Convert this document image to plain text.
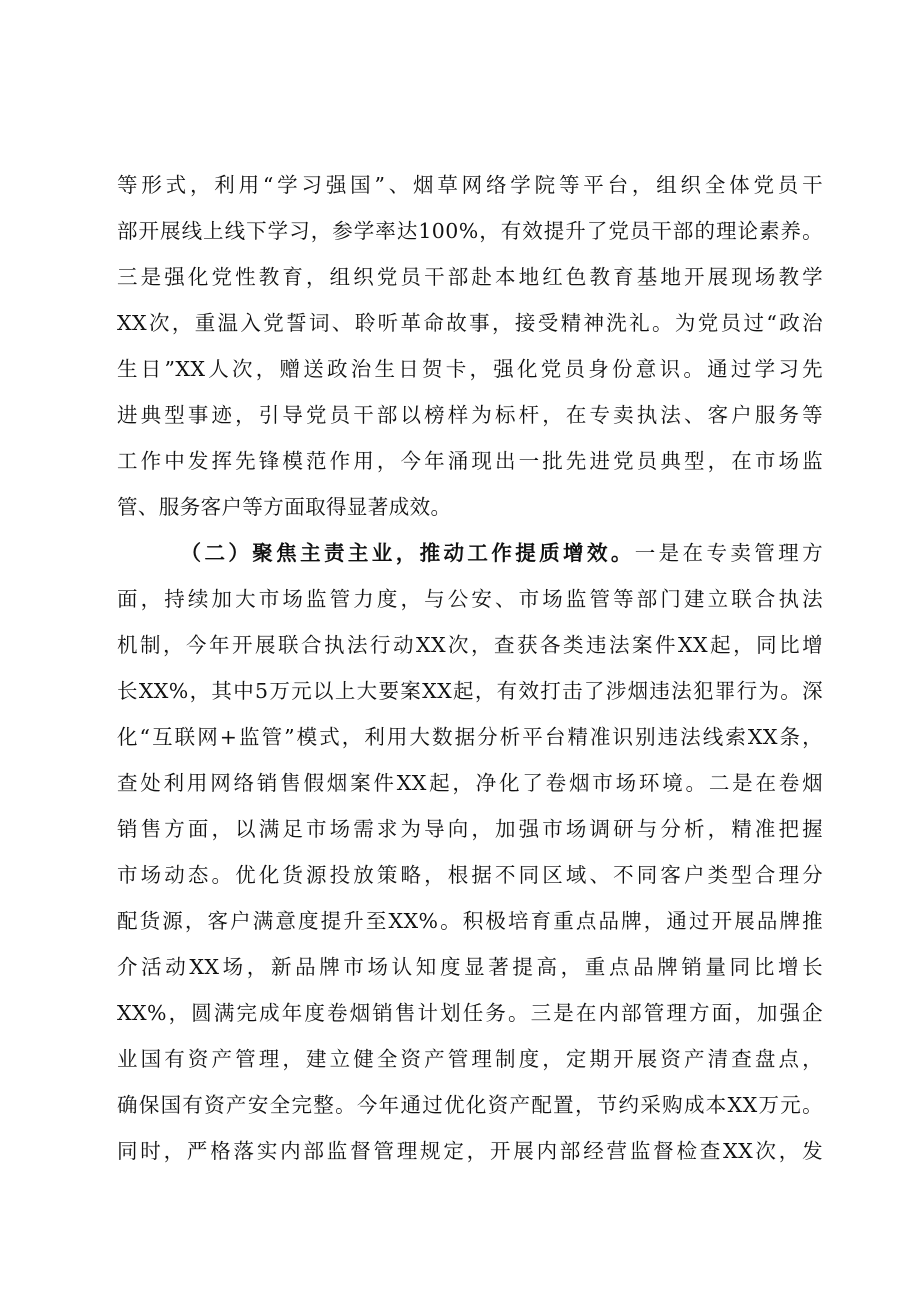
等形式，利用“学习强国”、烟草网络学院等平台，组织全体党员干
部开展线上线下学习，参学率达100%，有效提升了党员干部的理论素养。
三是强化党性教育，组织党员干部赴本地红色教育基地开展现场教学
XX次，重温入党誓词、聆听革命故事，接受精神洗礼。为党员过“政治
生日”XX人次，赠送政治生日贺卡，强化党员身份意识。通过学习先
进典型事迹，引导党员干部以榜样为标杆，在专卖执法、客户服务等
工作中发挥先锋模范作用，今年涌现出一批先进党员典型，在市场监
管、服务客户等方面取得显著成效。
（二）聚焦主责主业，推动工作提质增效。一是在专卖管理方
面，持续加大市场监管力度，与公安、市场监管等部门建立联合执法
机制，今年开展联合执法行动XX次，查获各类违法案件XX起，同比增
长XX%，其中5万元以上大要案XX起，有效打击了涉烟违法犯罪行为。深
化“互联网+监管”模式，利用大数据分析平台精准识别违法线索XX条，
查处利用网络销售假烟案件XX起，净化了卷烟市场环境。二是在卷烟
销售方面，以满足市场需求为导向，加强市场调研与分析，精准把握
市场动态。优化货源投放策略，根据不同区域、不同客户类型合理分
配货源，客户满意度提升至XX%。积极培育重点品牌，通过开展品牌推
介活动XX场，新品牌市场认知度显著提高，重点品牌销量同比增长
XX%，圆满完成年度卷烟销售计划任务。三是在内部管理方面，加强企
业国有资产管理，建立健全资产管理制度，定期开展资产清查盘点，
确保国有资产安全完整。今年通过优化资产配置，节约采购成本XX万元。
同时，严格落实内部监督管理规定，开展内部经营监督检查XX次，发
